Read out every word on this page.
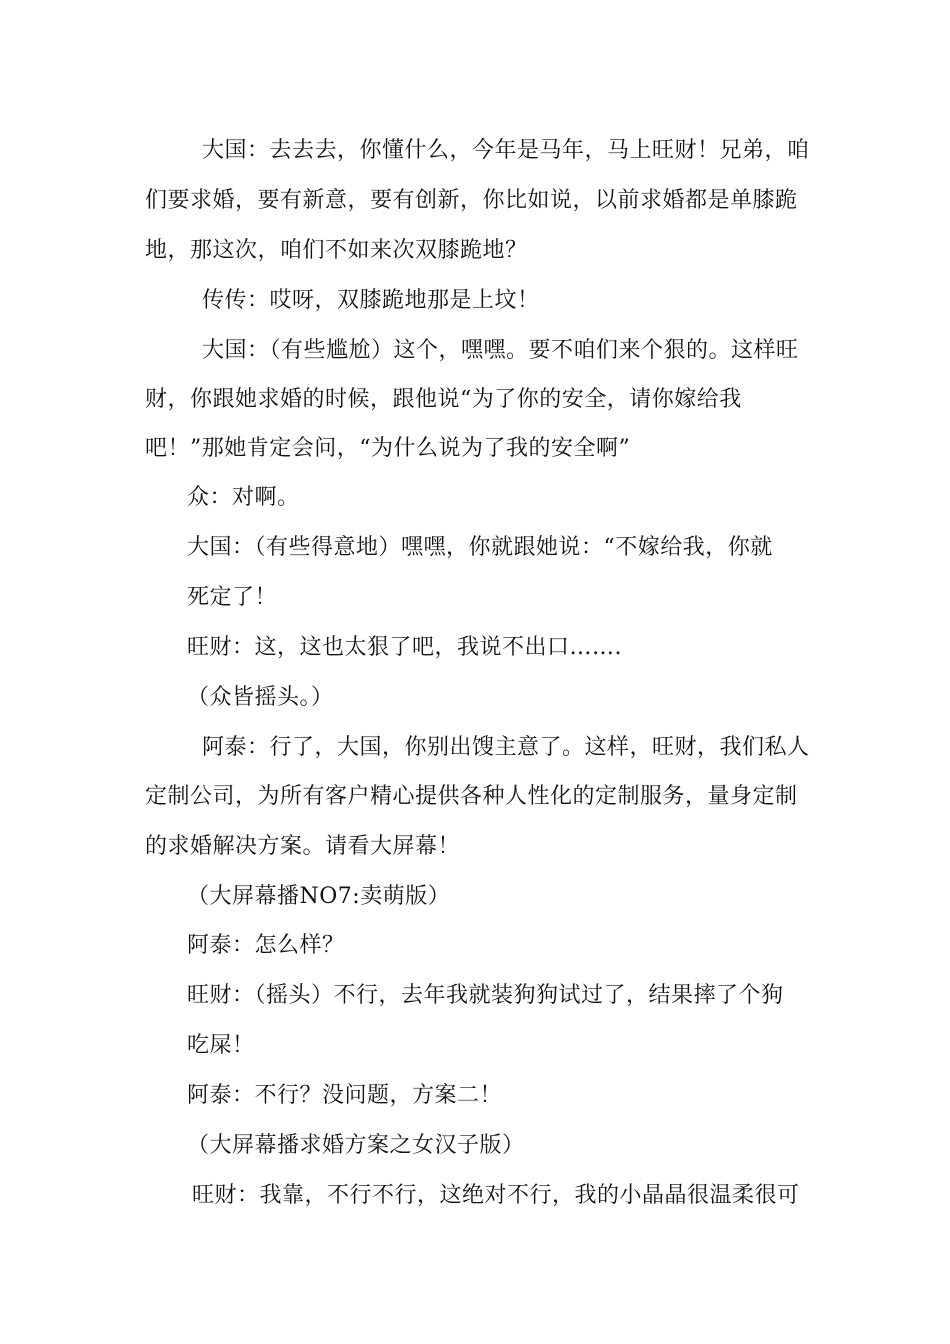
大国：去去去，你懂什么，今年是马年，马上旺财！兄弟，咱
们要求婚，要有新意，要有创新，你比如说，以前求婚都是单膝跪
地，那这次，咱们不如来次双膝跪地？
传传：哎呀，双膝跪地那是上坟！
大国：（有些尴尬）这个，嘿嘿。要不咱们来个狠的。这样旺
财，你跟她求婚的时候，跟他说“为了你的安全，请你嫁给我
吧！”那她肯定会问，“为什么说为了我的安全啊”
众：对啊。
大国：（有些得意地）嘿嘿，你就跟她说：“不嫁给我，你就
死定了！
旺财：这，这也太狠了吧，我说不出口…….
（众皆摇头。）
阿泰：行了，大国，你别出馊主意了。这样，旺财，我们私人
定制公司，为所有客户精心提供各种人性化的定制服务，量身定制
的求婚解决方案。请看大屏幕！
（大屏幕播NO7:卖萌版）
阿泰：怎么样？
旺财：（摇头）不行，去年我就装狗狗试过了，结果摔了个狗
吃屎！
阿泰：不行？没问题，方案二！
（大屏幕播求婚方案之女汉子版）
旺财：我靠，不行不行，这绝对不行，我的小晶晶很温柔很可
